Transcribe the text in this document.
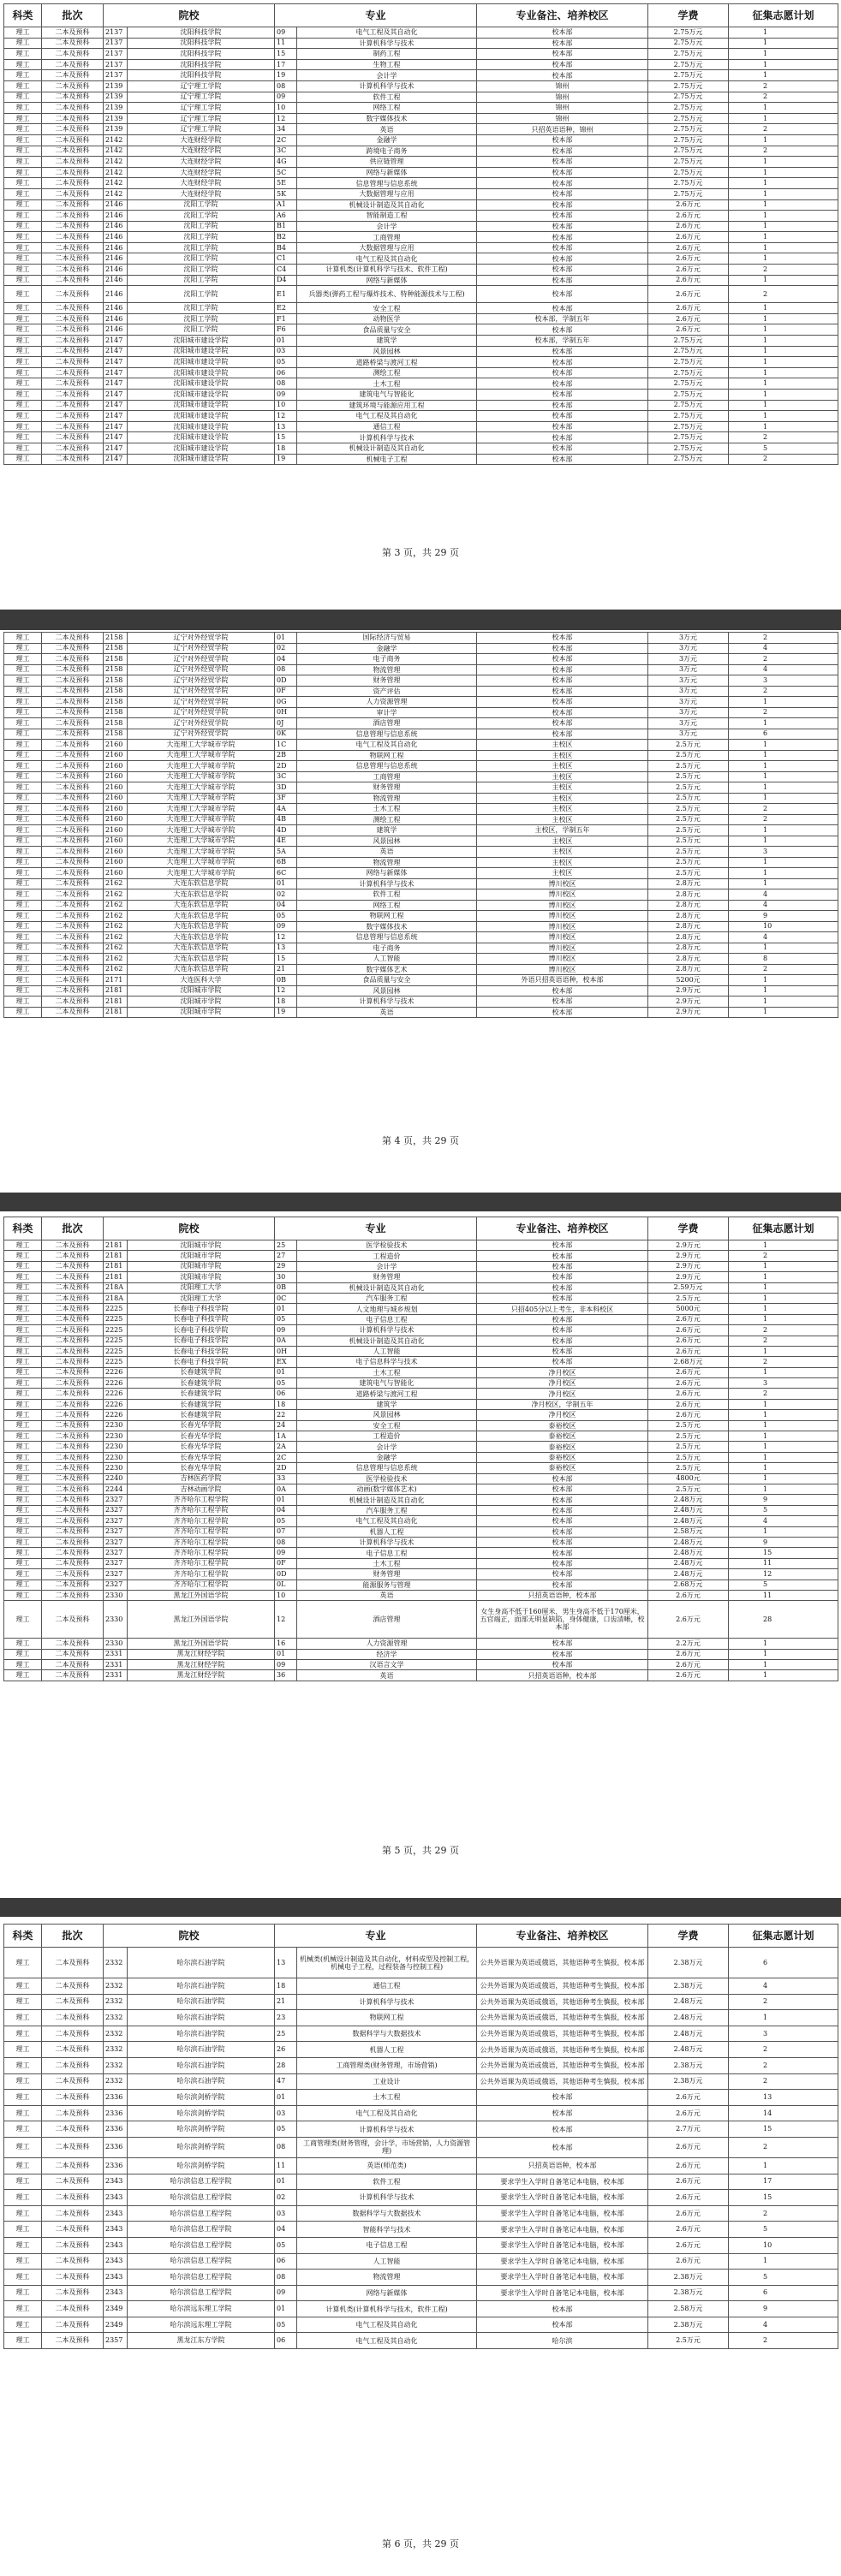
科类	批次	院校		专业		专业备注、培养校区	学费	征集志愿计划
理工	二本及预科	2137	沈阳科技学院	09	电气工程及其自动化	校本部	2.75万元	1
理工	二本及预科	2137	沈阳科技学院	11	计算机科学与技术	校本部	2.75万元	1
理工	二本及预科	2137	沈阳科技学院	15	制药工程	校本部	2.75万元	1
理工	二本及预科	2137	沈阳科技学院	17	生物工程	校本部	2.75万元	1
理工	二本及预科	2137	沈阳科技学院	19	会计学	校本部	2.75万元	1
理工	二本及预科	2139	辽宁理工学院	08	计算机科学与技术	锦州	2.75万元	2
理工	二本及预科	2139	辽宁理工学院	09	软件工程	锦州	2.75万元	2
理工	二本及预科	2139	辽宁理工学院	10	网络工程	锦州	2.75万元	1
理工	二本及预科	2139	辽宁理工学院	12	数字媒体技术	锦州	2.75万元	1
理工	二本及预科	2139	辽宁理工学院	34	英语	只招英语语种，锦州	2.75万元	2
理工	二本及预科	2142	大连财经学院	2C	金融学	校本部	2.75万元	1
理工	二本及预科	2142	大连财经学院	3C	跨境电子商务	校本部	2.75万元	2
理工	二本及预科	2142	大连财经学院	4G	供应链管理	校本部	2.75万元	1
理工	二本及预科	2142	大连财经学院	5C	网络与新媒体	校本部	2.75万元	1
理工	二本及预科	2142	大连财经学院	5E	信息管理与信息系统	校本部	2.75万元	1
理工	二本及预科	2142	大连财经学院	5K	大数据管理与应用	校本部	2.75万元	1
理工	二本及预科	2146	沈阳工学院	A1	机械设计制造及其自动化	校本部	2.6万元	1
理工	二本及预科	2146	沈阳工学院	A6	智能制造工程	校本部	2.6万元	1
理工	二本及预科	2146	沈阳工学院	B1	会计学	校本部	2.6万元	1
理工	二本及预科	2146	沈阳工学院	B2	工商管理	校本部	2.6万元	1
理工	二本及预科	2146	沈阳工学院	B4	大数据管理与应用	校本部	2.6万元	1
理工	二本及预科	2146	沈阳工学院	C1	电气工程及其自动化	校本部	2.6万元	1
理工	二本及预科	2146	沈阳工学院	C4	计算机类(计算机科学与技术、软件工程)	校本部	2.6万元	2
理工	二本及预科	2146	沈阳工学院	D4	网络与新媒体	校本部	2.6万元	1
理工	二本及预科	2146	沈阳工学院	E1	兵器类(弹药工程与爆炸技术、特种能源技术与工程)	校本部	2.6万元	2
理工	二本及预科	2146	沈阳工学院	E2	安全工程	校本部	2.6万元	1
理工	二本及预科	2146	沈阳工学院	F1	动物医学	校本部，学制五年	2.6万元	1
理工	二本及预科	2146	沈阳工学院	F6	食品质量与安全	校本部	2.6万元	1
理工	二本及预科	2147	沈阳城市建设学院	01	建筑学	校本部，学制五年	2.75万元	1
理工	二本及预科	2147	沈阳城市建设学院	03	风景园林	校本部	2.75万元	1
理工	二本及预科	2147	沈阳城市建设学院	05	道路桥梁与渡河工程	校本部	2.75万元	1
理工	二本及预科	2147	沈阳城市建设学院	06	测绘工程	校本部	2.75万元	1
理工	二本及预科	2147	沈阳城市建设学院	08	土木工程	校本部	2.75万元	1
理工	二本及预科	2147	沈阳城市建设学院	09	建筑电气与智能化	校本部	2.75万元	1
理工	二本及预科	2147	沈阳城市建设学院	10	建筑环境与能源应用工程	校本部	2.75万元	1
理工	二本及预科	2147	沈阳城市建设学院	12	电气工程及其自动化	校本部	2.75万元	1
理工	二本及预科	2147	沈阳城市建设学院	13	通信工程	校本部	2.75万元	1
理工	二本及预科	2147	沈阳城市建设学院	15	计算机科学与技术	校本部	2.75万元	2
理工	二本及预科	2147	沈阳城市建设学院	18	机械设计制造及其自动化	校本部	2.75万元	5
理工	二本及预科	2147	沈阳城市建设学院	19	机械电子工程	校本部	2.75万元	2
第 3 页，共 29 页
理工	二本及预科	2158	辽宁对外经贸学院	01	国际经济与贸易	校本部	3万元	2
理工	二本及预科	2158	辽宁对外经贸学院	02	金融学	校本部	3万元	4
理工	二本及预科	2158	辽宁对外经贸学院	04	电子商务	校本部	3万元	2
理工	二本及预科	2158	辽宁对外经贸学院	08	物流管理	校本部	3万元	4
理工	二本及预科	2158	辽宁对外经贸学院	0D	财务管理	校本部	3万元	3
理工	二本及预科	2158	辽宁对外经贸学院	0F	资产评估	校本部	3万元	2
理工	二本及预科	2158	辽宁对外经贸学院	0G	人力资源管理	校本部	3万元	1
理工	二本及预科	2158	辽宁对外经贸学院	0H	审计学	校本部	3万元	2
理工	二本及预科	2158	辽宁对外经贸学院	0J	酒店管理	校本部	3万元	1
理工	二本及预科	2158	辽宁对外经贸学院	0K	信息管理与信息系统	校本部	3万元	6
理工	二本及预科	2160	大连理工大学城市学院	1C	电气工程及其自动化	主校区	2.5万元	1
理工	二本及预科	2160	大连理工大学城市学院	2B	物联网工程	主校区	2.5万元	1
理工	二本及预科	2160	大连理工大学城市学院	2D	信息管理与信息系统	主校区	2.5万元	1
理工	二本及预科	2160	大连理工大学城市学院	3C	工商管理	主校区	2.5万元	1
理工	二本及预科	2160	大连理工大学城市学院	3D	财务管理	主校区	2.5万元	1
理工	二本及预科	2160	大连理工大学城市学院	3F	物流管理	主校区	2.5万元	1
理工	二本及预科	2160	大连理工大学城市学院	4A	土木工程	主校区	2.5万元	2
理工	二本及预科	2160	大连理工大学城市学院	4B	测绘工程	主校区	2.5万元	2
理工	二本及预科	2160	大连理工大学城市学院	4D	建筑学	主校区，学制五年	2.5万元	1
理工	二本及预科	2160	大连理工大学城市学院	4E	风景园林	主校区	2.5万元	1
理工	二本及预科	2160	大连理工大学城市学院	5A	英语	主校区	2.5万元	3
理工	二本及预科	2160	大连理工大学城市学院	6B	物流管理	主校区	2.5万元	1
理工	二本及预科	2160	大连理工大学城市学院	6C	网络与新媒体	主校区	2.5万元	1
理工	二本及预科	2162	大连东软信息学院	01	计算机科学与技术	博川校区	2.8万元	1
理工	二本及预科	2162	大连东软信息学院	02	软件工程	博川校区	2.8万元	4
理工	二本及预科	2162	大连东软信息学院	04	网络工程	博川校区	2.8万元	4
理工	二本及预科	2162	大连东软信息学院	05	物联网工程	博川校区	2.8万元	9
理工	二本及预科	2162	大连东软信息学院	09	数字媒体技术	博川校区	2.8万元	10
理工	二本及预科	2162	大连东软信息学院	12	信息管理与信息系统	博川校区	2.8万元	4
理工	二本及预科	2162	大连东软信息学院	13	电子商务	博川校区	2.8万元	1
理工	二本及预科	2162	大连东软信息学院	15	人工智能	博川校区	2.8万元	8
理工	二本及预科	2162	大连东软信息学院	21	数字媒体艺术	博川校区	2.8万元	2
理工	二本及预科	2171	大连医科大学	0B	食品质量与安全	外语只招英语语种，校本部	5200元	1
理工	二本及预科	2181	沈阳城市学院	12	风景园林	校本部	2.9万元	1
理工	二本及预科	2181	沈阳城市学院	18	计算机科学与技术	校本部	2.9万元	1
理工	二本及预科	2181	沈阳城市学院	19	英语	校本部	2.9万元	1
第 4 页，共 29 页
科类	批次	院校		专业		专业备注、培养校区	学费	征集志愿计划
理工	二本及预科	2181	沈阳城市学院	25	医学检验技术	校本部	2.9万元	1
理工	二本及预科	2181	沈阳城市学院	27	工程造价	校本部	2.9万元	2
理工	二本及预科	2181	沈阳城市学院	29	会计学	校本部	2.9万元	1
理工	二本及预科	2181	沈阳城市学院	30	财务管理	校本部	2.9万元	1
理工	二本及预科	218A	沈阳理工大学	0B	机械设计制造及其自动化	校本部	2.59万元	1
理工	二本及预科	218A	沈阳理工大学	0C	汽车服务工程	校本部	2.5万元	1
理工	二本及预科	2225	长春电子科技学院	01	人文地理与城乡规划	只招405分以上考生，非本科校区	5000元	1
理工	二本及预科	2225	长春电子科技学院	05	电子信息工程	校本部	2.6万元	1
理工	二本及预科	2225	长春电子科技学院	09	计算机科学与技术	校本部	2.6万元	2
理工	二本及预科	2225	长春电子科技学院	0A	机械设计制造及其自动化	校本部	2.6万元	2
理工	二本及预科	2225	长春电子科技学院	0H	人工智能	校本部	2.6万元	1
理工	二本及预科	2225	长春电子科技学院	EX	电子信息科学与技术	校本部	2.68万元	2
理工	二本及预科	2226	长春建筑学院	01	土木工程	净月校区	2.6万元	1
理工	二本及预科	2226	长春建筑学院	05	建筑电气与智能化	净月校区	2.6万元	3
理工	二本及预科	2226	长春建筑学院	06	道路桥梁与渡河工程	净月校区	2.6万元	2
理工	二本及预科	2226	长春建筑学院	18	建筑学	净月校区，学制五年	2.6万元	1
理工	二本及预科	2226	长春建筑学院	22	风景园林	净月校区	2.6万元	1
理工	二本及预科	2230	长春光华学院	24	安全工程	泰裕校区	2.5万元	1
理工	二本及预科	2230	长春光华学院	1A	工程造价	泰裕校区	2.5万元	1
理工	二本及预科	2230	长春光华学院	2A	会计学	泰裕校区	2.5万元	1
理工	二本及预科	2230	长春光华学院	2C	金融学	泰裕校区	2.5万元	1
理工	二本及预科	2230	长春光华学院	2D	信息管理与信息系统	泰裕校区	2.5万元	1
理工	二本及预科	2240	吉林医药学院	33	医学检验技术	校本部	4800元	1
理工	二本及预科	2244	吉林动画学院	0A	动画(数字媒体艺术)	校本部	2.5万元	1
理工	二本及预科	2327	齐齐哈尔工程学院	01	机械设计制造及其自动化	校本部	2.48万元	9
理工	二本及预科	2327	齐齐哈尔工程学院	04	汽车服务工程	校本部	2.48万元	5
理工	二本及预科	2327	齐齐哈尔工程学院	05	电气工程及其自动化	校本部	2.48万元	4
理工	二本及预科	2327	齐齐哈尔工程学院	07	机器人工程	校本部	2.58万元	1
理工	二本及预科	2327	齐齐哈尔工程学院	08	计算机科学与技术	校本部	2.48万元	9
理工	二本及预科	2327	齐齐哈尔工程学院	09	电子信息工程	校本部	2.48万元	15
理工	二本及预科	2327	齐齐哈尔工程学院	0F	土木工程	校本部	2.48万元	11
理工	二本及预科	2327	齐齐哈尔工程学院	0D	财务管理	校本部	2.48万元	12
理工	二本及预科	2327	齐齐哈尔工程学院	0L	能源服务与管理	校本部	2.68万元	5
理工	二本及预科	2330	黑龙江外国语学院	10	英语	只招英语语种，校本部	2.6万元	11
理工	二本及预科	2330	黑龙江外国语学院	12	酒店管理	女生身高不低于160厘米，男生身高不低于170厘米，五官端正，面部无明显缺陷，身体健康，口齿清晰，校本部	2.6万元	28
理工	二本及预科	2330	黑龙江外国语学院	16	人力资源管理	校本部	2.2万元	1
理工	二本及预科	2331	黑龙江财经学院	01	经济学	校本部	2.6万元	1
理工	二本及预科	2331	黑龙江财经学院	09	汉语言文学	校本部	2.6万元	1
理工	二本及预科	2331	黑龙江财经学院	36	英语	只招英语语种，校本部	2.6万元	1
第 5 页，共 29 页
科类	批次	院校		专业		专业备注、培养校区	学费	征集志愿计划
理工	二本及预科	2332	哈尔滨石油学院	13	机械类(机械设计制造及其自动化，材料成型及控制工程，机械电子工程，过程装备与控制工程)	公共外语课为英语或俄语，其他语种考生慎报，校本部	2.38万元	6
理工	二本及预科	2332	哈尔滨石油学院	18	通信工程	公共外语课为英语或俄语，其他语种考生慎报，校本部	2.38万元	4
理工	二本及预科	2332	哈尔滨石油学院	21	计算机科学与技术	公共外语课为英语或俄语，其他语种考生慎报，校本部	2.48万元	2
理工	二本及预科	2332	哈尔滨石油学院	23	物联网工程	公共外语课为英语或俄语，其他语种考生慎报，校本部	2.48万元	1
理工	二本及预科	2332	哈尔滨石油学院	25	数据科学与大数据技术	公共外语课为英语或俄语，其他语种考生慎报，校本部	2.48万元	3
理工	二本及预科	2332	哈尔滨石油学院	26	机器人工程	公共外语课为英语或俄语，其他语种考生慎报，校本部	2.48万元	2
理工	二本及预科	2332	哈尔滨石油学院	28	工商管理类(财务管理，市场营销)	公共外语课为英语或俄语，其他语种考生慎报，校本部	2.38万元	2
理工	二本及预科	2332	哈尔滨石油学院	47	工业设计	公共外语课为英语或俄语，其他语种考生慎报，校本部	2.38万元	2
理工	二本及预科	2336	哈尔滨剑桥学院	01	土木工程	校本部	2.6万元	13
理工	二本及预科	2336	哈尔滨剑桥学院	03	电气工程及其自动化	校本部	2.6万元	14
理工	二本及预科	2336	哈尔滨剑桥学院	05	计算机科学与技术	校本部	2.7万元	15
理工	二本及预科	2336	哈尔滨剑桥学院	08	工商管理类(财务管理，会计学，市场营销，人力资源管理)	校本部	2.6万元	2
理工	二本及预科	2336	哈尔滨剑桥学院	11	英语(师范类)	只招英语语种，校本部	2.6万元	1
理工	二本及预科	2343	哈尔滨信息工程学院	01	软件工程	要求学生入学时自备笔记本电脑，校本部	2.6万元	17
理工	二本及预科	2343	哈尔滨信息工程学院	02	计算机科学与技术	要求学生入学时自备笔记本电脑，校本部	2.6万元	15
理工	二本及预科	2343	哈尔滨信息工程学院	03	数据科学与大数据技术	要求学生入学时自备笔记本电脑，校本部	2.6万元	2
理工	二本及预科	2343	哈尔滨信息工程学院	04	智能科学与技术	要求学生入学时自备笔记本电脑，校本部	2.6万元	5
理工	二本及预科	2343	哈尔滨信息工程学院	05	电子信息工程	要求学生入学时自备笔记本电脑，校本部	2.6万元	10
理工	二本及预科	2343	哈尔滨信息工程学院	06	人工智能	要求学生入学时自备笔记本电脑，校本部	2.6万元	1
理工	二本及预科	2343	哈尔滨信息工程学院	08	物流管理	要求学生入学时自备笔记本电脑，校本部	2.38万元	5
理工	二本及预科	2343	哈尔滨信息工程学院	09	网络与新媒体	要求学生入学时自备笔记本电脑，校本部	2.38万元	6
理工	二本及预科	2349	哈尔滨远东理工学院	01	计算机类(计算机科学与技术，软件工程)	校本部	2.58万元	9
理工	二本及预科	2349	哈尔滨远东理工学院	05	电气工程及其自动化	校本部	2.38万元	4
理工	二本及预科	2357	黑龙江东方学院	06	电气工程及其自动化	哈尔滨	2.5万元	2
第 6 页，共 29 页
